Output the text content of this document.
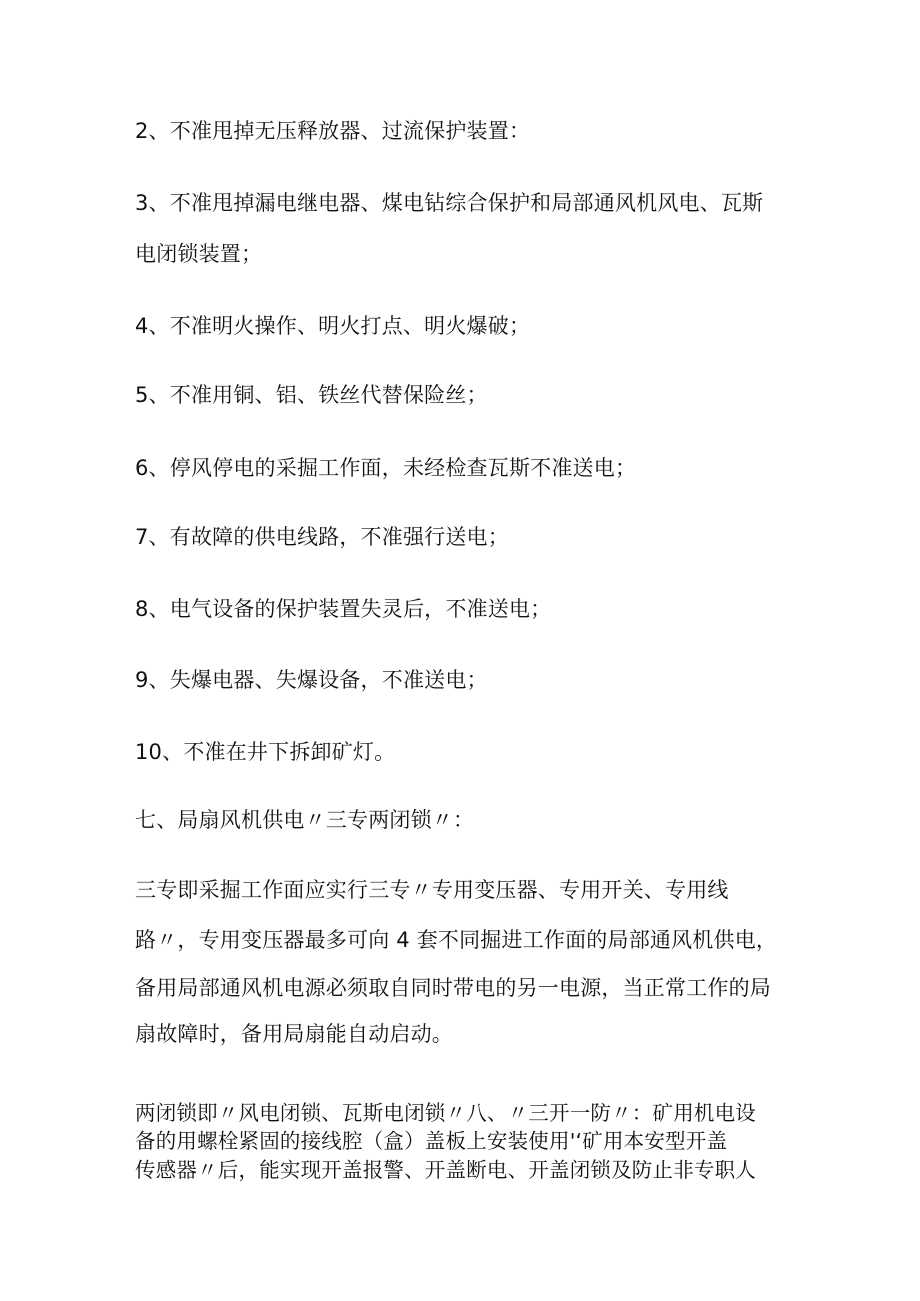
2、不准甩掉无压释放器、过流保护装置：

3、不准甩掉漏电继电器、煤电钻综合保护和局部通风机风电、瓦斯

电闭锁装置；

4、不准明火操作、明火打点、明火爆破；

5、不准用铜、铝、铁丝代替保险丝；

6、停风停电的采掘工作面，未经检查瓦斯不准送电；

7、有故障的供电线路，不准强行送电；

8、电气设备的保护装置失灵后，不准送电；

9、失爆电器、失爆设备，不准送电；

10、不准在井下拆卸矿灯。

七、局扇风机供电〃三专两闭锁〃：

三专即采掘工作面应实行三专〃专用变压器、专用开关、专用线

路〃，专用变压器最多可向 4 套不同掘进工作面的局部通风机供电，

备用局部通风机电源必须取自同时带电的另一电源，当正常工作的局

扇故障时，备用局扇能自动启动。

两闭锁即〃风电闭锁、瓦斯电闭锁〃八、〃三开一防〃：矿用机电设

备的用螺栓紧固的接线腔（盒）盖板上安装使用'‘矿用本安型开盖

传感器〃后，能实现开盖报警、开盖断电、开盖闭锁及防止非专职人
